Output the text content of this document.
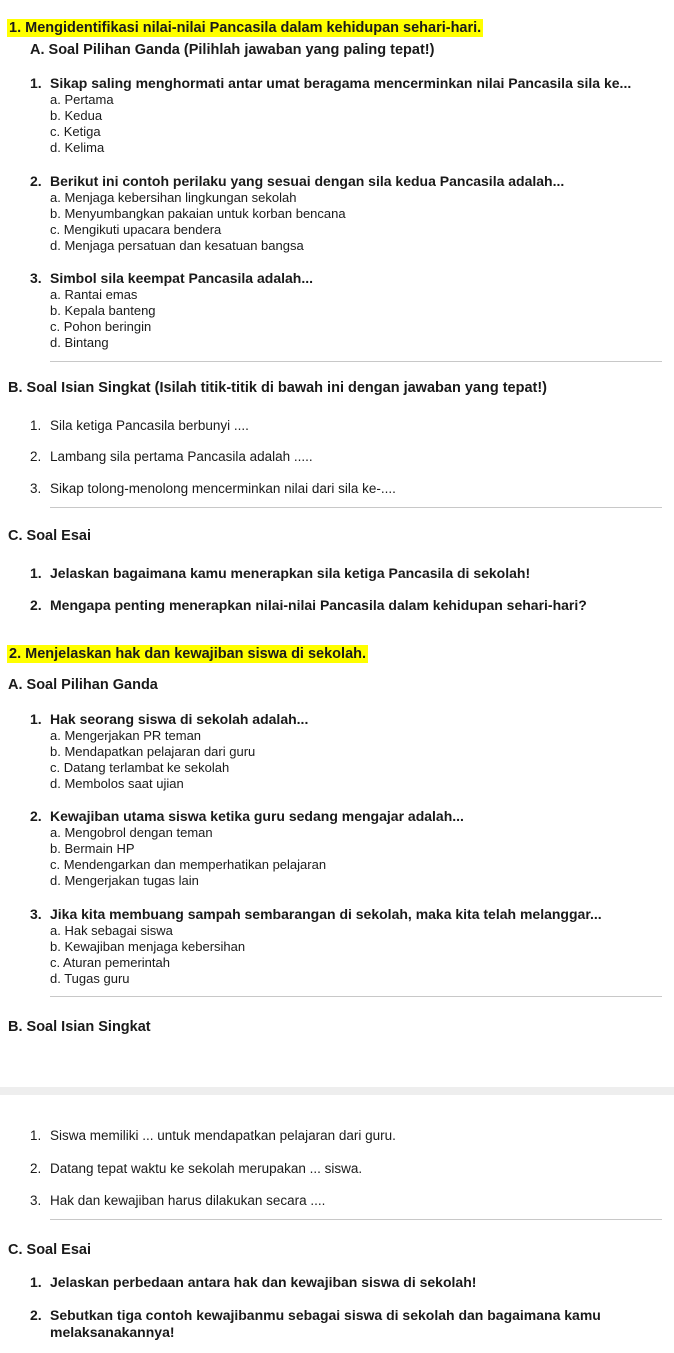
1. Mengidentifikasi nilai-nilai Pancasila dalam kehidupan sehari-hari.
A. Soal Pilihan Ganda (Pilihlah jawaban yang paling tepat!)
1. Sikap saling menghormati antar umat beragama mencerminkan nilai Pancasila sila ke...
a. Pertama
b. Kedua
c. Ketiga
d. Kelima
2. Berikut ini contoh perilaku yang sesuai dengan sila kedua Pancasila adalah...
a. Menjaga kebersihan lingkungan sekolah
b. Menyumbangkan pakaian untuk korban bencana
c. Mengikuti upacara bendera
d. Menjaga persatuan dan kesatuan bangsa
3. Simbol sila keempat Pancasila adalah...
a. Rantai emas
b. Kepala banteng
c. Pohon beringin
d. Bintang
B. Soal Isian Singkat (Isilah titik-titik di bawah ini dengan jawaban yang tepat!)
1. Sila ketiga Pancasila berbunyi ....
2. Lambang sila pertama Pancasila adalah .....
3. Sikap tolong-menolong mencerminkan nilai dari sila ke-....
C. Soal Esai
1. Jelaskan bagaimana kamu menerapkan sila ketiga Pancasila di sekolah!
2. Mengapa penting menerapkan nilai-nilai Pancasila dalam kehidupan sehari-hari?
2. Menjelaskan hak dan kewajiban siswa di sekolah.
A. Soal Pilihan Ganda
1. Hak seorang siswa di sekolah adalah...
a. Mengerjakan PR teman
b. Mendapatkan pelajaran dari guru
c. Datang terlambat ke sekolah
d. Membolos saat ujian
2. Kewajiban utama siswa ketika guru sedang mengajar adalah...
a. Mengobrol dengan teman
b. Bermain HP
c. Mendengarkan dan memperhatikan pelajaran
d. Mengerjakan tugas lain
3. Jika kita membuang sampah sembarangan di sekolah, maka kita telah melanggar...
a. Hak sebagai siswa
b. Kewajiban menjaga kebersihan
c. Aturan pemerintah
d. Tugas guru
B. Soal Isian Singkat
1. Siswa memiliki ... untuk mendapatkan pelajaran dari guru.
2. Datang tepat waktu ke sekolah merupakan ... siswa.
3. Hak dan kewajiban harus dilakukan secara ....
C. Soal Esai
1. Jelaskan perbedaan antara hak dan kewajiban siswa di sekolah!
2. Sebutkan tiga contoh kewajibanmu sebagai siswa di sekolah dan bagaimana kamu
melaksanakannya!
